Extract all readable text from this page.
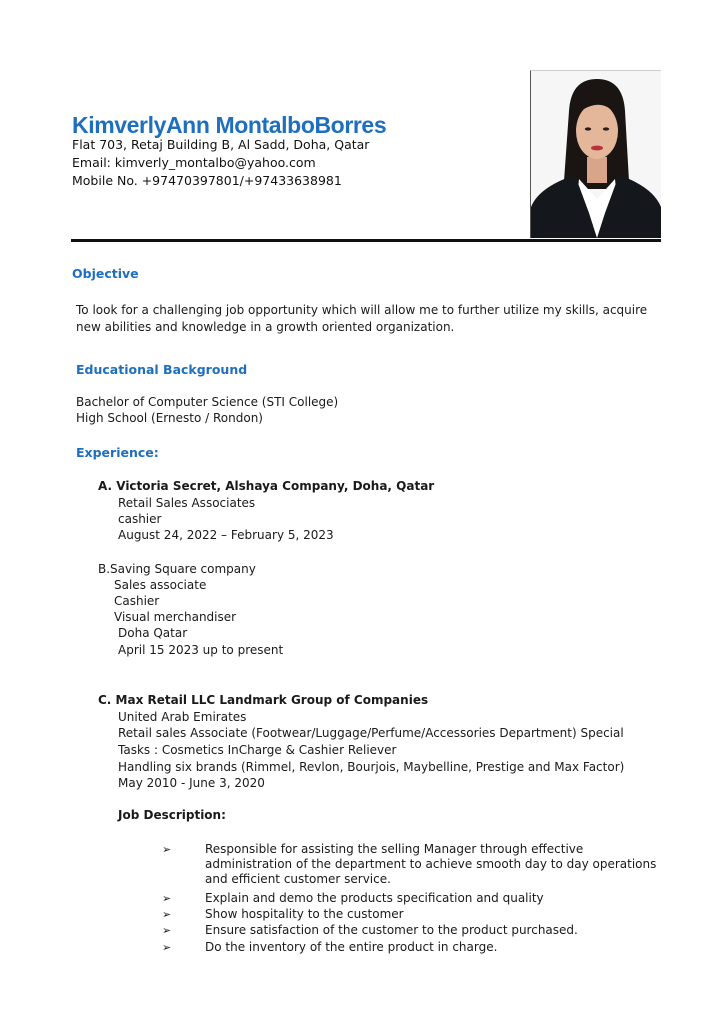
KimverlyAnn MontalboBorres
Flat 703, Retaj Building B, Al Sadd, Doha, Qatar
Email: kimverly_montalbo@yahoo.com
Mobile No. +97470397801/+97433638981
Objective
To look for a challenging job opportunity which will allow me to further utilize my skills, acquire new abilities and knowledge in a growth oriented organization.
Educational Background
Bachelor of Computer Science (STI College)
High School (Ernesto / Rondon)
Experience:
A. Victoria Secret, Alshaya Company, Doha, Qatar
Retail Sales Associates
cashier
August 24, 2022 – February 5, 2023
B.Saving Square company
Sales associate
Cashier
Visual merchandiser
Doha Qatar
April 15 2023 up to present
C. Max Retail LLC Landmark Group of Companies
United Arab Emirates
Retail sales Associate (Footwear/Luggage/Perfume/Accessories Department) Special
Tasks : Cosmetics InCharge & Cashier Reliever
Handling six brands (Rimmel, Revlon, Bourjois, Maybelline, Prestige and Max Factor)
May 2010 - June 3, 2020
Job Description:
➢	Responsible for assisting the selling Manager through effective administration of the department to achieve smooth day to day operations and efficient customer service.
➢	Explain and demo the products specification and quality
➢	Show hospitality to the customer
➢	Ensure satisfaction of the customer to the product purchased.
➢	Do the inventory of the entire product in charge.
